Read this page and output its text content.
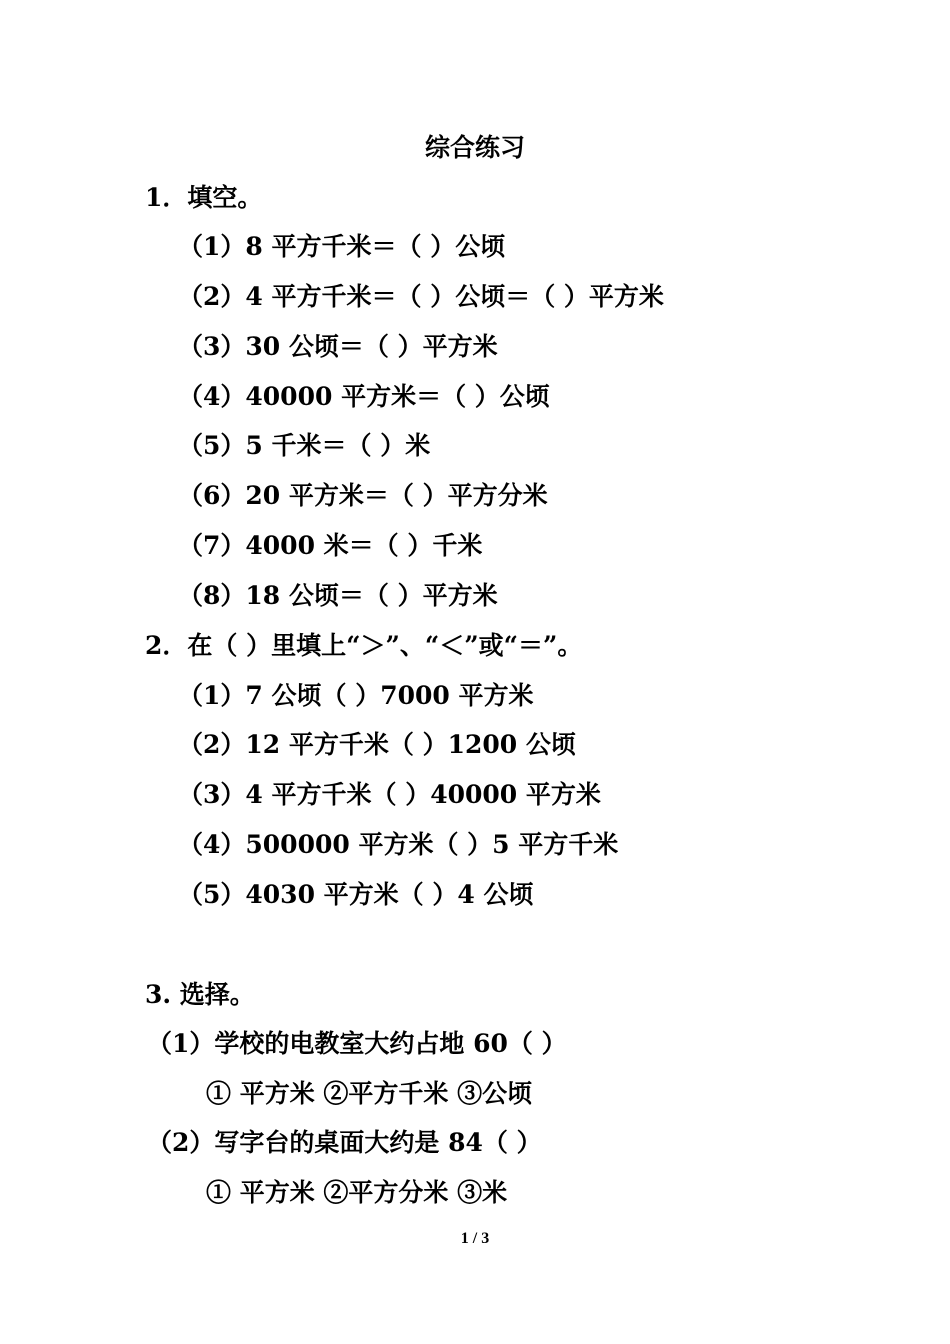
综合练习
1．填空。
（1）8 平方千米＝（ ）公顷
（2）4 平方千米＝（ ）公顷＝（ ）平方米
（3）30 公顷＝（ ）平方米
（4）40000 平方米＝（ ）公顷
（5）5 千米＝（ ）米
（6）20 平方米＝（ ）平方分米
（7）4000 米＝（ ）千米
（8）18 公顷＝（ ）平方米
2．在（ ）里填上“＞”、“＜”或“＝”。
（1）7 公顷（ ）7000 平方米
（2）12 平方千米（ ）1200 公顷
（3）4 平方千米（ ）40000 平方米
（4）500000 平方米（ ）5 平方千米
（5）4030 平方米（ ）4 公顷
3. 选择。
（1）学校的电教室大约占地 60（ ）
① 平方米 ②平方千米 ③公顷
（2）写字台的桌面大约是 84（ ）
① 平方米 ②平方分米 ③米
1 / 3
